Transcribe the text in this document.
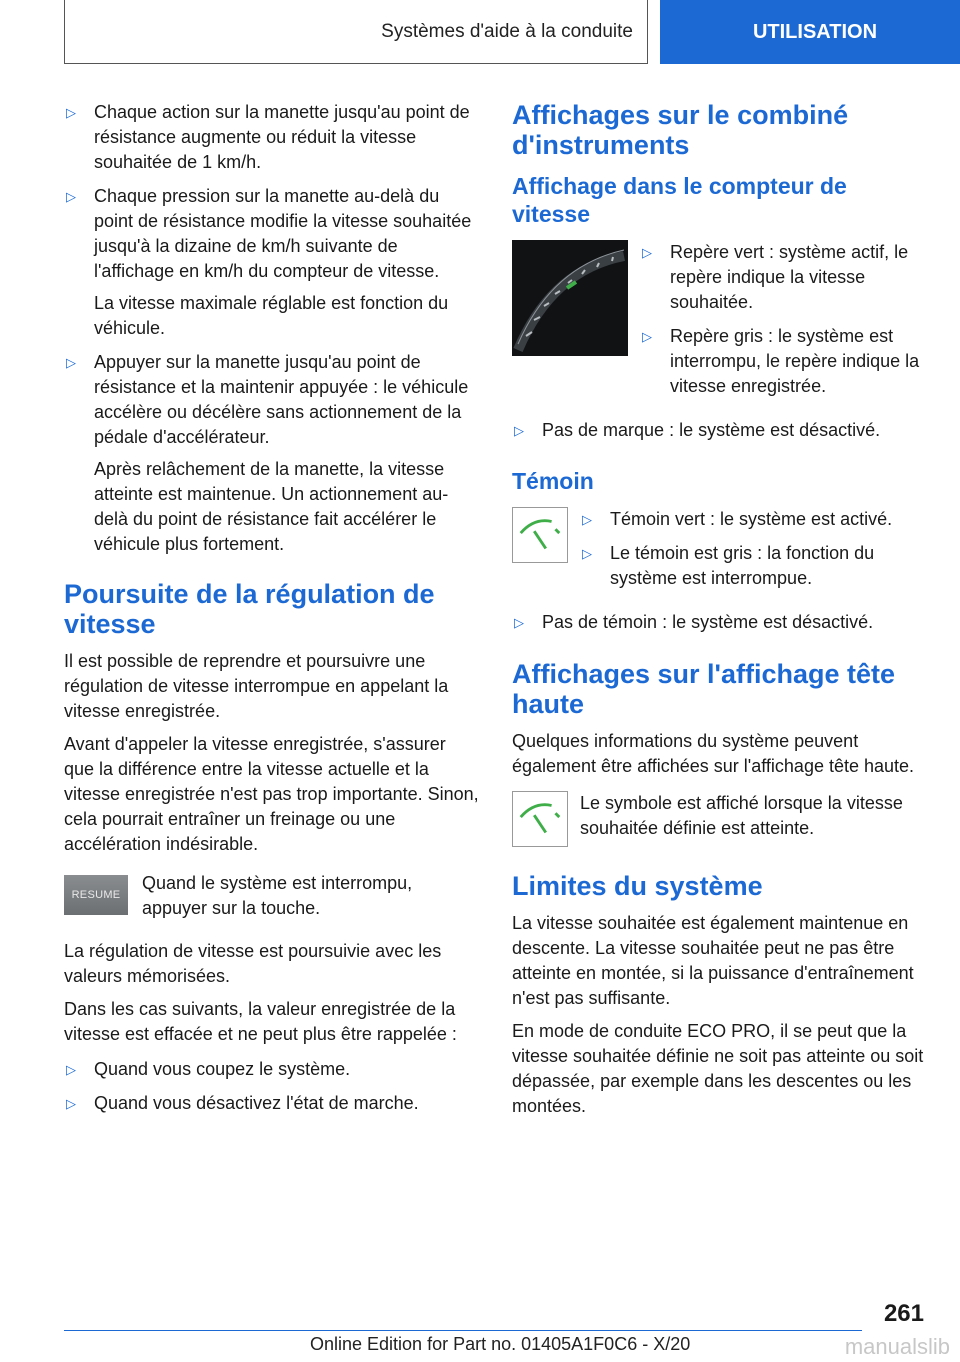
Systèmes d'aide à la conduite	UTILISATION
▷ Chaque action sur la manette jusqu'au point de résistance augmente ou réduit la vitesse souhaitée de 1 km/h.
▷ Chaque pression sur la manette au-delà du point de résistance modifie la vitesse souhaitée jusqu'à la dizaine de km/h suivante de l'affichage en km/h du compteur de vitesse.

La vitesse maximale réglable est fonction du véhicule.

▷ Appuyer sur la manette jusqu'au point de résistance et la maintenir appuyée : le véhicule accélère ou décélère sans actionnement de la pédale d'accélérateur.

Après relâchement de la manette, la vitesse atteinte est maintenue. Un actionnement au-delà du point de résistance fait accélérer le véhicule plus fortement.

Poursuite de la régulation de vitesse

Il est possible de reprendre et poursuivre une régulation de vitesse interrompue en appelant la vitesse enregistrée.

Avant d'appeler la vitesse enregistrée, s'assurer que la différence entre la vitesse actuelle et la vitesse enregistrée n'est pas trop importante. Sinon, cela pourrait entraîner un freinage ou une accélération indésirable.

RESUME

Quand le système est interrompu, appuyer sur la touche.

La régulation de vitesse est poursuivie avec les valeurs mémorisées.

Dans les cas suivants, la valeur enregistrée de la vitesse est effacée et ne peut plus être rappelée :

▷ Quand vous coupez le système.
▷ Quand vous désactivez l'état de marche.
Affichages sur le combiné d'instruments
Affichage dans le compteur de vitesse
▷ Repère vert : système actif, le repère indique la vitesse souhaitée.
▷ Repère gris : le système est interrompu, le repère indique la vitesse enregistrée.
▷ Pas de marque : le système est désactivé.
Témoin
▷ Témoin vert : le système est activé.
▷ Le témoin est gris : la fonction du système est interrompue.
▷ Pas de témoin : le système est désactivé.
Affichages sur l'affichage tête haute

Quelques informations du système peuvent également être affichées sur l'affichage tête haute.

Le symbole est affiché lorsque la vitesse souhaitée définie est atteinte.

Limites du système

La vitesse souhaitée est également maintenue en descente. La vitesse souhaitée peut ne pas être atteinte en montée, si la puissance d'entraînement n'est pas suffisante.

En mode de conduite ECO PRO, il se peut que la vitesse souhaitée définie ne soit pas atteinte ou soit dépassée, par exemple dans les descentes ou les montées.

261
Online Edition for Part no. 01405A1F0C6 - X/20	manualslib
